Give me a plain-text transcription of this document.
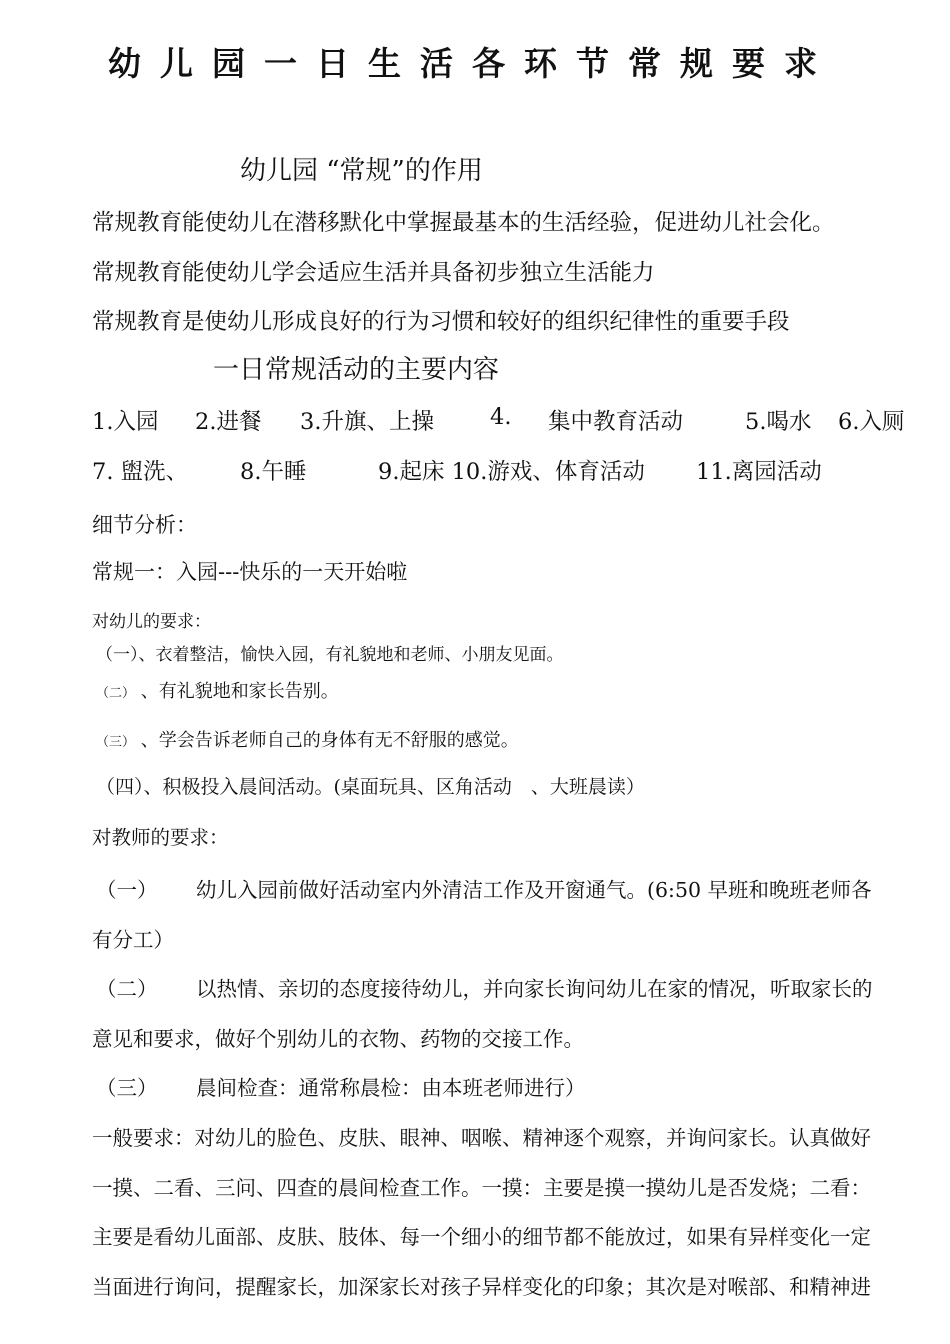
幼儿园一日生活各环节常规要求
幼儿园 “常规”的作用
常规教育能使幼儿在潜移默化中掌握最基本的生活经验，促进幼儿社会化。
常规教育能使幼儿学会适应生活并具备初步独立生活能力
常规教育是使幼儿形成良好的行为习惯和较好的组织纪律性的重要手段
一日常规活动的主要内容
1.入园 2.进餐 3.升旗、上操 4. 集中教育活动	5.喝水 6.入厕
7. 盥洗、 8.午睡	9.起床 10.游戏、体育活动 11.离园活动
细节分析：
常规一：入园---快乐的一天开始啦
对幼儿的要求：
（一）、衣着整洁，愉快入园，有礼貌地和老师、小朋友见面。
（二） 、有礼貌地和家长告别。
（三） 、学会告诉老师自己的身体有无不舒服的感觉。
（四）、积极投入晨间活动。(桌面玩具、区角活动　、大班晨读）
对教师的要求：
（一） 幼儿入园前做好活动室内外清洁工作及开窗通气。(6:50 早班和晚班老师各
有分工）
（二） 以热情、亲切的态度接待幼儿，并向家长询问幼儿在家的情况，听取家长的
意见和要求，做好个别幼儿的衣物、药物的交接工作。
（三） 晨间检查：通常称晨检：由本班老师进行）
一般要求：对幼儿的脸色、皮肤、眼神、咽喉、精神逐个观察，并询问家长。认真做好
一摸、二看、三问、四查的晨间检查工作。一摸：主要是摸一摸幼儿是否发烧；二看：
主要是看幼儿面部、皮肤、肢体、每一个细小的细节都不能放过，如果有异样变化一定
当面进行询问，提醒家长，加深家长对孩子异样变化的印象；其次是对喉部、和精神进
